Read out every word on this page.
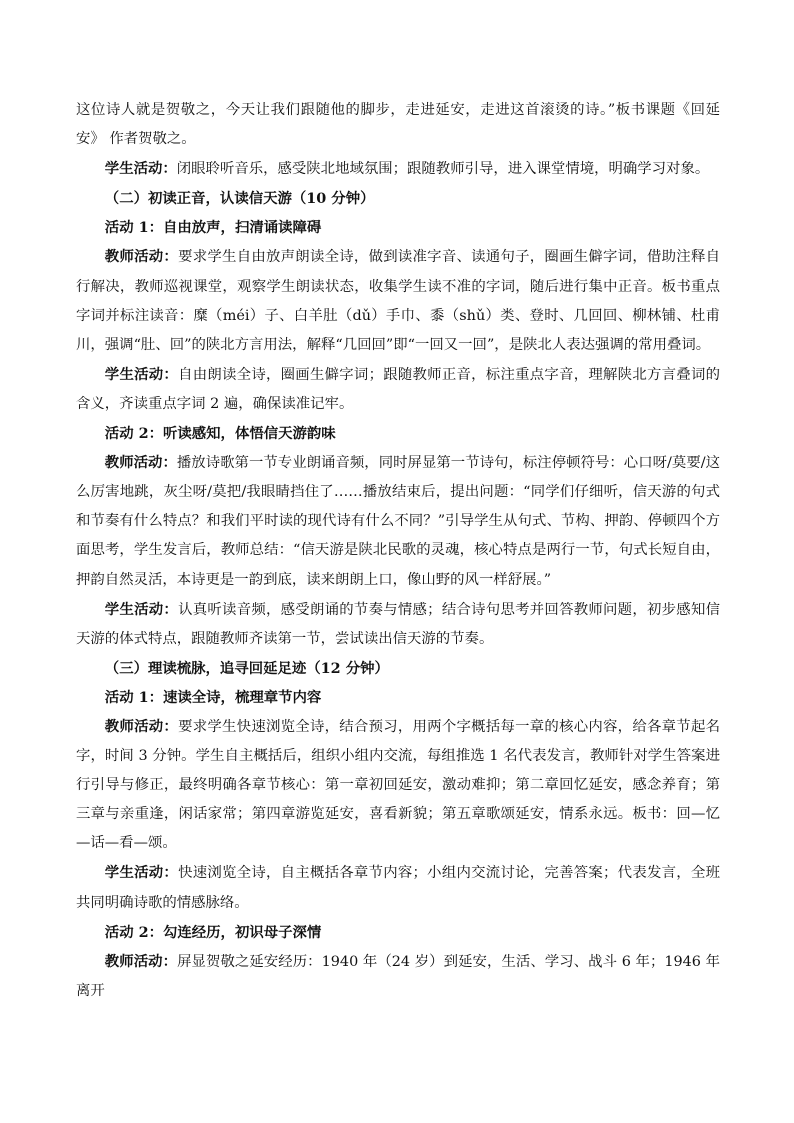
这位诗人就是贺敬之，今天让我们跟随他的脚步，走进延安，走进这首滚烫的诗。”板书课题《回延安》 作者贺敬之。

学生活动：闭眼聆听音乐，感受陕北地域氛围；跟随教师引导，进入课堂情境，明确学习对象。

（二）初读正音，认读信天游（10 分钟）

活动 1：自由放声，扫清诵读障碍

教师活动：要求学生自由放声朗读全诗，做到读准字音、读通句子，圈画生僻字词，借助注释自行解决，教师巡视课堂，观察学生朗读状态，收集学生读不准的字词，随后进行集中正音。板书重点字词并标注读音：糜（méi）子、白羊肚（dǔ）手巾、黍（shǔ）类、登时、几回回、柳林铺、杜甫川，强调“肚、回”的陕北方言用法，解释“几回回”即“一回又一回”，是陕北人表达强调的常用叠词。

学生活动：自由朗读全诗，圈画生僻字词；跟随教师正音，标注重点字音，理解陕北方言叠词的含义，齐读重点字词 2 遍，确保读准记牢。

活动 2：听读感知，体悟信天游韵味

教师活动：播放诗歌第一节专业朗诵音频，同时屏显第一节诗句，标注停顿符号：心口呀/莫要/这么厉害地跳，灰尘呀/莫把/我眼睛挡住了……播放结束后，提出问题：“同学们仔细听，信天游的句式和节奏有什么特点？和我们平时读的现代诗有什么不同？”引导学生从句式、节构、押韵、停顿四个方面思考，学生发言后，教师总结：“信天游是陕北民歌的灵魂，核心特点是两行一节，句式长短自由，押韵自然灵活，本诗更是一韵到底，读来朗朗上口，像山野的风一样舒展。”

学生活动：认真听读音频，感受朗诵的节奏与情感；结合诗句思考并回答教师问题，初步感知信天游的体式特点，跟随教师齐读第一节，尝试读出信天游的节奏。

（三）理读梳脉，追寻回延足迹（12 分钟）

活动 1：速读全诗，梳理章节内容

教师活动：要求学生快速浏览全诗，结合预习，用两个字概括每一章的核心内容，给各章节起名字，时间 3 分钟。学生自主概括后，组织小组内交流，每组推选 1 名代表发言，教师针对学生答案进行引导与修正，最终明确各章节核心：第一章初回延安，激动难抑；第二章回忆延安，感念养育；第三章与亲重逢，闲话家常；第四章游览延安，喜看新貌；第五章歌颂延安，情系永远。板书：回—忆—话—看—颂。

学生活动：快速浏览全诗，自主概括各章节内容；小组内交流讨论，完善答案；代表发言，全班共同明确诗歌的情感脉络。

活动 2：勾连经历，初识母子深情

教师活动：屏显贺敬之延安经历：1940 年（24 岁）到延安，生活、学习、战斗 6 年；1946 年离开
